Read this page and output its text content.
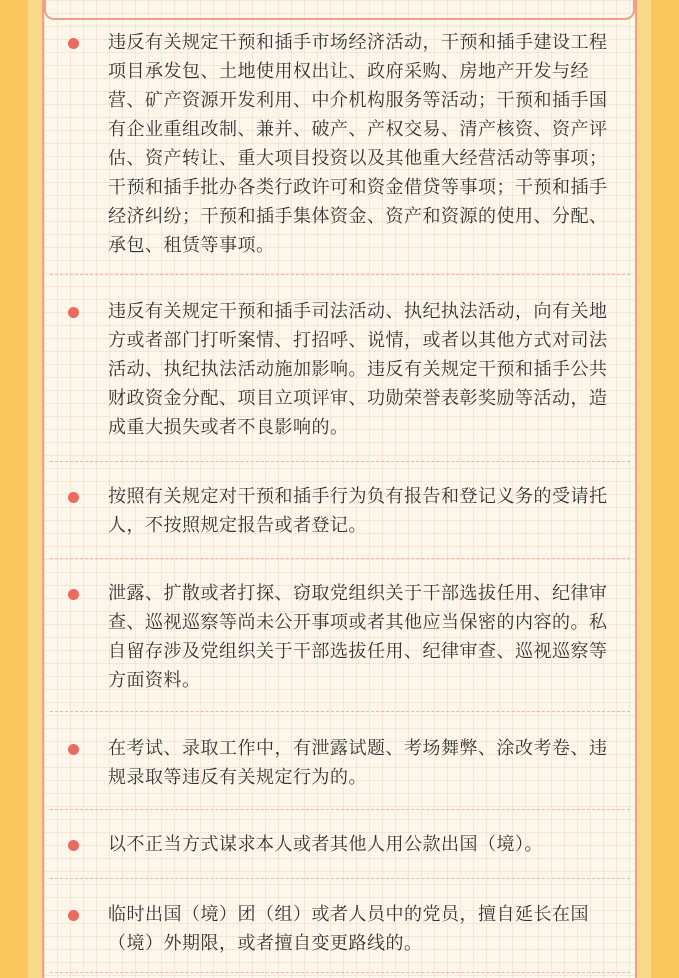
违反有关规定干预和插手市场经济活动，干预和插手建设工程项目承发包、土地使用权出让、政府采购、房地产开发与经营、矿产资源开发利用、中介机构服务等活动；干预和插手国有企业重组改制、兼并、破产、产权交易、清产核资、资产评估、资产转让、重大项目投资以及其他重大经营活动等事项；干预和插手批办各类行政许可和资金借贷等事项；干预和插手经济纠纷；干预和插手集体资金、资产和资源的使用、分配、承包、租赁等事项。

违反有关规定干预和插手司法活动、执纪执法活动，向有关地方或者部门打听案情、打招呼、说情，或者以其他方式对司法活动、执纪执法活动施加影响。违反有关规定干预和插手公共财政资金分配、项目立项评审、功勋荣誉表彰奖励等活动，造成重大损失或者不良影响的。

按照有关规定对干预和插手行为负有报告和登记义务的受请托人，不按照规定报告或者登记。

泄露、扩散或者打探、窃取党组织关于干部选拔任用、纪律审查、巡视巡察等尚未公开事项或者其他应当保密的内容的。私自留存涉及党组织关于干部选拔任用、纪律审查、巡视巡察等方面资料。

在考试、录取工作中，有泄露试题、考场舞弊、涂改考卷、违规录取等违反有关规定行为的。

以不正当方式谋求本人或者其他人用公款出国（境）。

临时出国（境）团（组）或者人员中的党员，擅自延长在国（境）外期限，或者擅自变更路线的。
